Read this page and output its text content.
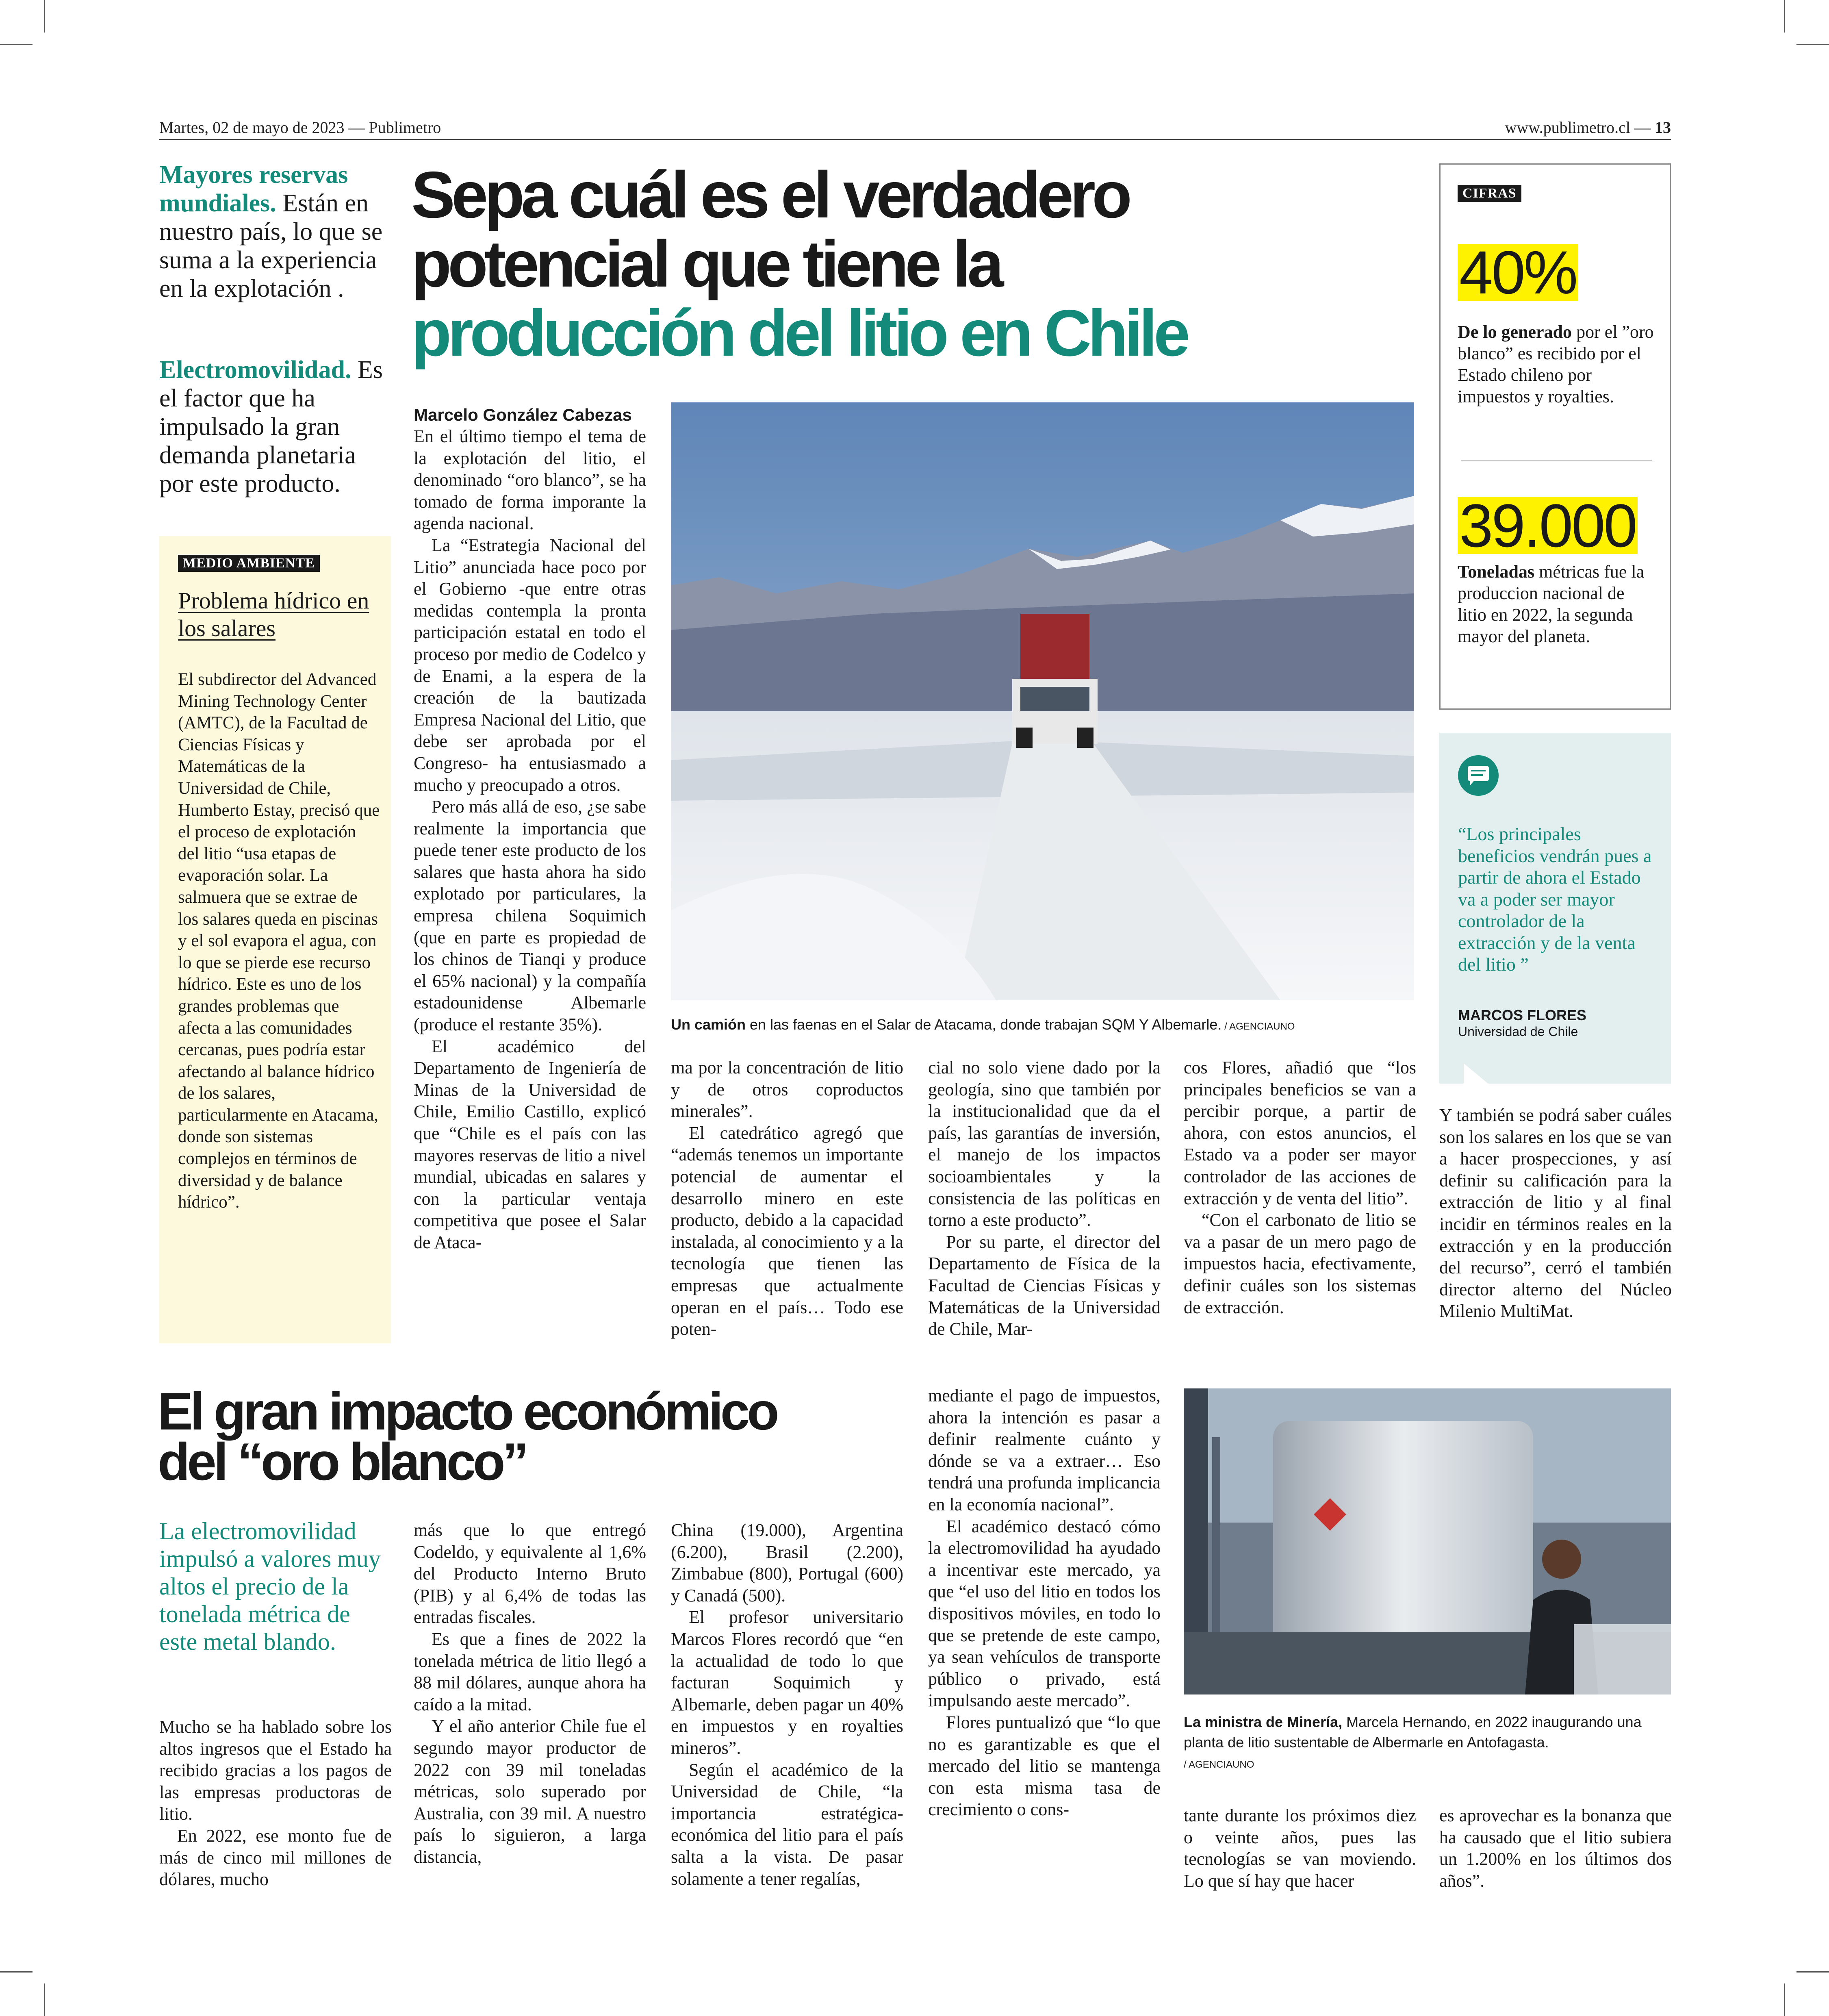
Martes, 02 de mayo de 2023 — Publimetro	www.publimetro.cl — 13
Mayores reservas mundiales. Están en nuestro país, lo que se suma a la experiencia en la explotación .
Electromovilidad. Es el factor que ha impulsado la gran demanda planetaria por este producto.
Sepa cuál es el verdadero
potencial que tiene la
producción del litio en Chile
MEDIO AMBIENTE
Problema hídrico en los salares
El subdirector del Advanced Mining Technology Center (AMTC), de la Facultad de Ciencias Físicas y Matemáticas de la Universidad de Chile, Humberto Estay, precisó que el proceso de explotación del litio “usa etapas de evaporación solar. La salmuera que se extrae de los salares queda en piscinas y el sol evapora el agua, con lo que se pierde ese recurso hídrico. Este es uno de los grandes problemas que afecta a las comunidades cercanas, pues podría estar afectando al balance hídrico de los salares, particularmente en Atacama, donde son sistemas complejos en términos de diversidad y de balance hídrico”.
Marcelo González Cabezas

En el último tiempo el tema de la explotación del litio, el denominado “oro blanco”, se ha tomado de forma imporante la agenda nacional.

La “Estrategia Nacional del Litio” anunciada hace poco por el Gobierno -que entre otras medidas contempla la pronta participación estatal en todo el proceso por medio de Codelco y de Enami, a la espera de la creación de la bautizada Empresa Nacional del Litio, que debe ser aprobada por el Congreso- ha entusiasmado a mucho y preocupado a otros.

Pero más allá de eso, ¿se sabe realmente la importancia que puede tener este producto de los salares que hasta ahora ha sido explotado por particulares, la empresa chilena Soquimich (que en parte es propiedad de los chinos de Tianqi y produce el 65% nacional) y la compañía estadounidense Albemarle (produce el restante 35%).

El académico del Departamento de Ingeniería de Minas de la Universidad de Chile, Emilio Castillo, explicó que “Chile es el país con las mayores reservas de litio a nivel mundial, ubicadas en salares y con la particular ventaja competitiva que posee el Salar de Ataca-

Un camión en las faenas en el Salar de Atacama, donde trabajan SQM Y Albemarle. / AGENCIAUNO

ma por la concentración de litio y de otros coproductos minerales”.

El catedrático agregó que “además tenemos un importante potencial de aumentar el desarrollo minero en este producto, debido a la capacidad instalada, al conocimiento y a la tecnología que tienen las empresas que actualmente operan en el país… Todo ese poten-

cial no solo viene dado por la geología, sino que también por la institucionalidad que da el país, las garantías de inversión, el manejo de los impactos socioambientales y la consistencia de las políticas en torno a este producto”.

Por su parte, el director del Departamento de Física de la Facultad de Ciencias Físicas y Matemáticas de la Universidad de Chile, Mar-

cos Flores, añadió que “los principales beneficios se van a percibir porque, a partir de ahora, con estos anuncios, el Estado va a poder ser mayor controlador de las acciones de extracción y de venta del litio”.

“Con el carbonato de litio se va a pasar de un mero pago de impuestos hacia, efectivamente, definir cuáles son los sistemas de extracción.

Y también se podrá saber cuáles son los salares en los que se van a hacer prospecciones, y así definir su calificación para la extracción de litio y al final incidir en términos reales en la extracción y en la producción del recurso”, cerró el también director alterno del Núcleo Milenio MultiMat.

CIFRAS
40%
De lo generado por el ”oro blanco” es recibido por el Estado chileno por impuestos y royalties.
39.000
Toneladas métricas fue la produccion nacional de litio en 2022, la segunda mayor del planeta.
“Los principales beneficios vendrán pues a partir de ahora el Estado va a poder ser mayor controlador de la extracción y de la venta del litio ”
MARCOS FLORES
Universidad de Chile
El gran impacto económico
del “oro blanco”
La electromovilidad impulsó a valores muy altos el precio de la tonelada métrica de este metal blando.

Mucho se ha hablado sobre los altos ingresos que el Estado ha recibido gracias a los pagos de las empresas productoras de litio.

En 2022, ese monto fue de más de cinco mil millones de dólares, mucho

más que lo que entregó Codeldo, y equivalente al 1,6% del Producto Interno Bruto (PIB) y al 6,4% de todas las entradas fiscales.

Es que a fines de 2022 la tonelada métrica de litio llegó a 88 mil dólares, aunque ahora ha caído a la mitad.

Y el año anterior Chile fue el segundo mayor productor de 2022 con 39 mil toneladas métricas, solo superado por Australia, con 39 mil. A nuestro país lo siguieron, a larga distancia,

China (19.000), Argentina (6.200), Brasil (2.200), Zimbabue (800), Portugal (600) y Canadá (500).

El profesor universitario Marcos Flores recordó que “en la actualidad de todo lo que facturan Soquimich y Albemarle, deben pagar un 40% en impuestos y en royalties mineros”.

Según el académico de la Universidad de Chile, “la importancia estratégica-económica del litio para el país salta a la vista. De pasar solamente a tener regalías,

mediante el pago de impuestos, ahora la intención es pasar a definir realmente cuánto y dónde se va a extraer… Eso tendrá una profunda implicancia en la economía nacional”.

El académico destacó cómo la electromovilidad ha ayudado a incentivar este mercado, ya que “el uso del litio en todos los dispositivos móviles, en todo lo que se pretende de este campo, ya sean vehículos de transporte público o privado, está impulsando aeste mercado”.

Flores puntualizó que “lo que no es garantizable es que el mercado del litio se mantenga con esta misma tasa de crecimiento o cons-	tante durante los próximos diez o veinte años, pues las tecnologías se van moviendo. Lo que sí hay que hacer

es aprovechar es la bonanza que ha causado que el litio subiera un 1.200% en los últimos dos años”.

La ministra de Minería, Marcela Hernando, en 2022 inaugurando una planta de litio sustentable de Albermarle en Antofagasta.
/ AGENCIAUNO
